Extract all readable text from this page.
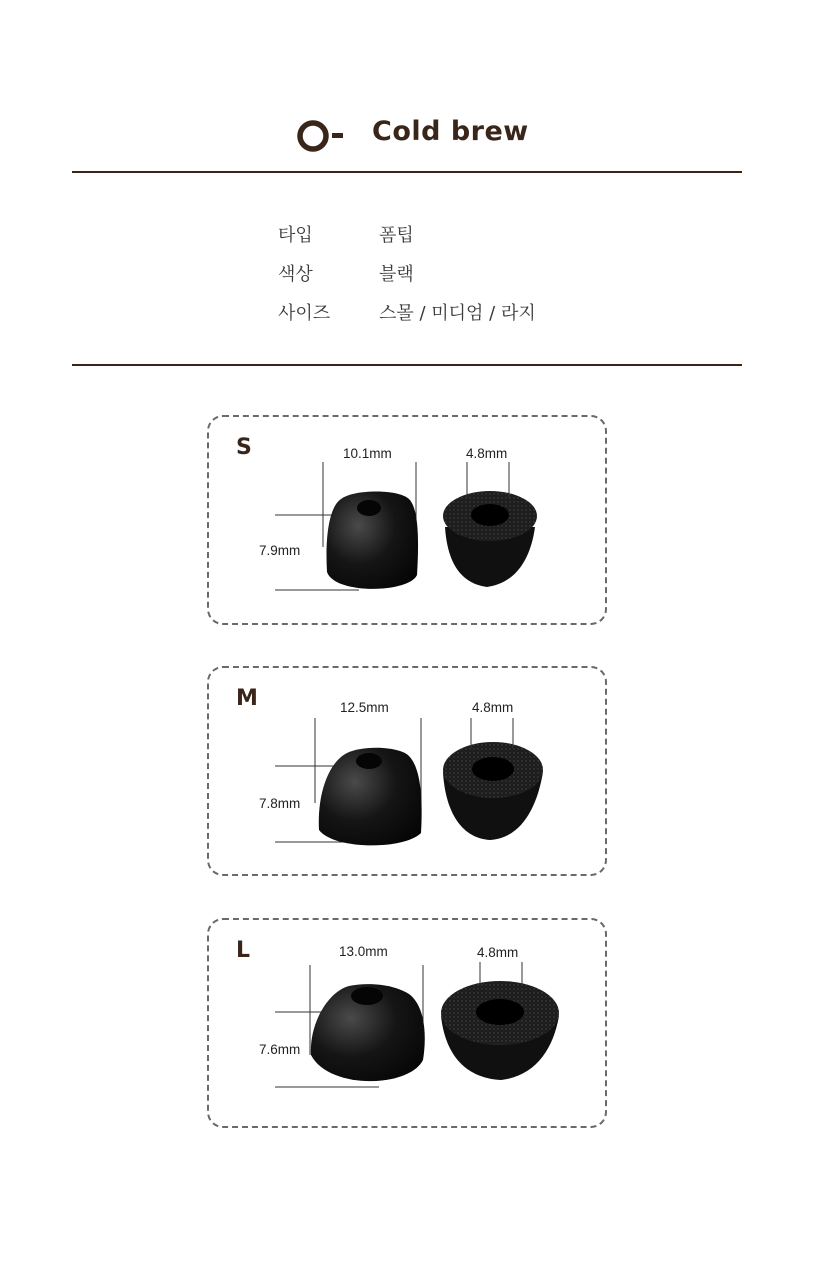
Cold brew
타입	폼팁
색상	블랙
사이즈	스몰 / 미디엄 / 라지
S	10.1mm
7.9mm
4.8mm
M	12.5mm
7.8mm
4.8mm
L	13.0mm
7.6mm
4.8mm
